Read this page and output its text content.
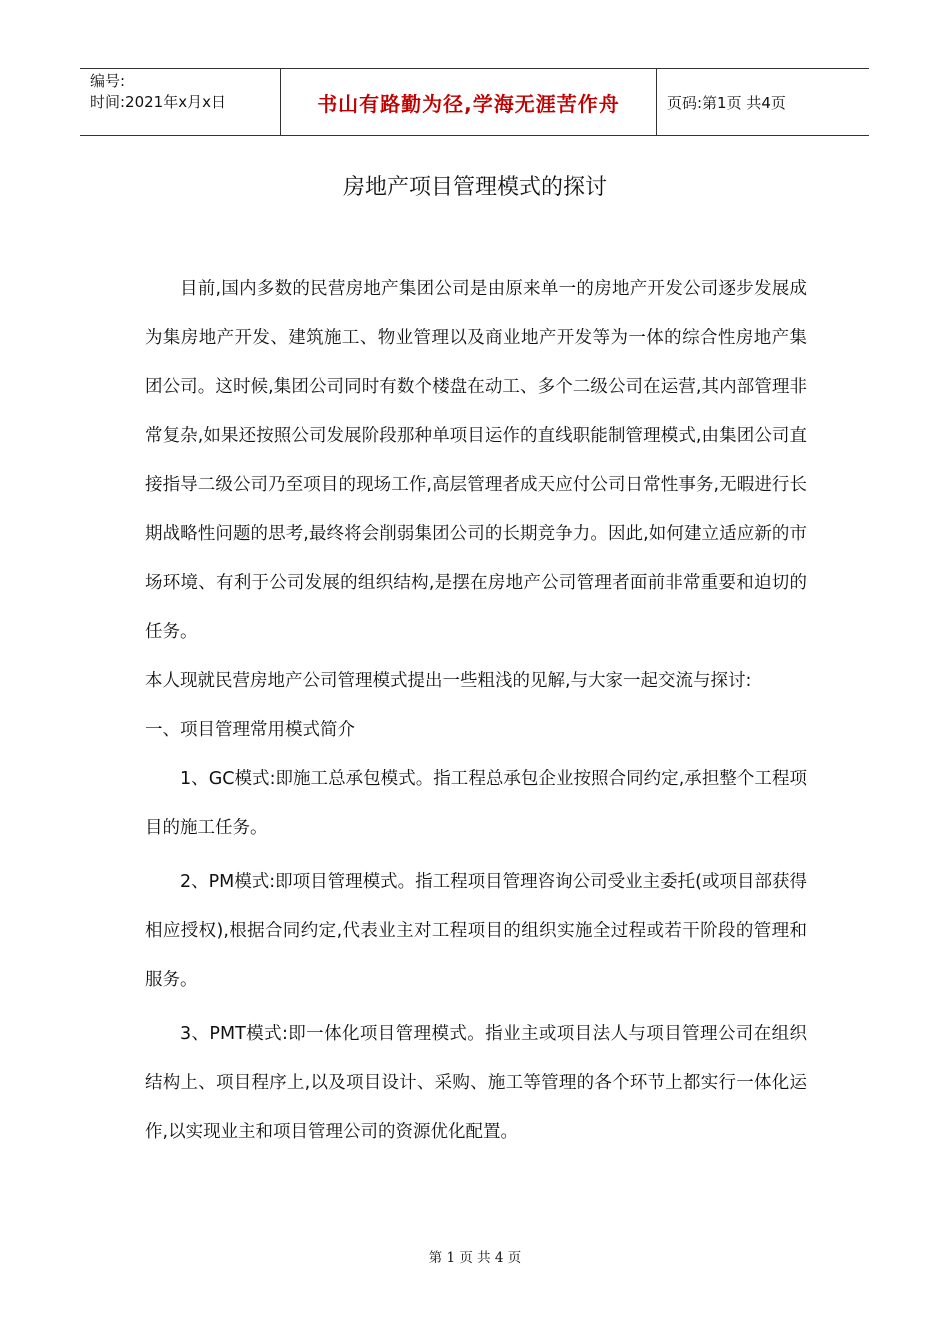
编号:
时间:2021年x月x日	书山有路勤为径,学海无涯苦作舟	页码:第1页 共4页
房地产项目管理模式的探讨

目前,国内多数的民营房地产集团公司是由原来单一的房地产开发公司逐步发展成为集房地产开发、建筑施工、物业管理以及商业地产开发等为一体的综合性房地产集团公司。这时候,集团公司同时有数个楼盘在动工、多个二级公司在运营,其内部管理非常复杂,如果还按照公司发展阶段那种单项目运作的直线职能制管理模式,由集团公司直接指导二级公司乃至项目的现场工作,高层管理者成天应付公司日常性事务,无暇进行长期战略性问题的思考,最终将会削弱集团公司的长期竞争力。因此,如何建立适应新的市场环境、有利于公司发展的组织结构,是摆在房地产公司管理者面前非常重要和迫切的任务。

本人现就民营房地产公司管理模式提出一些粗浅的见解,与大家一起交流与探讨:

一、项目管理常用模式简介

1、GC模式:即施工总承包模式。指工程总承包企业按照合同约定,承担整个工程项目的施工任务。

2、PM模式:即项目管理模式。指工程项目管理咨询公司受业主委托(或项目部获得相应授权),根据合同约定,代表业主对工程项目的组织实施全过程或若干阶段的管理和服务。

3、PMT模式:即一体化项目管理模式。指业主或项目法人与项目管理公司在组织结构上、项目程序上,以及项目设计、采购、施工等管理的各个环节上都实行一体化运作,以实现业主和项目管理公司的资源优化配置。

第 1 页 共 4 页
